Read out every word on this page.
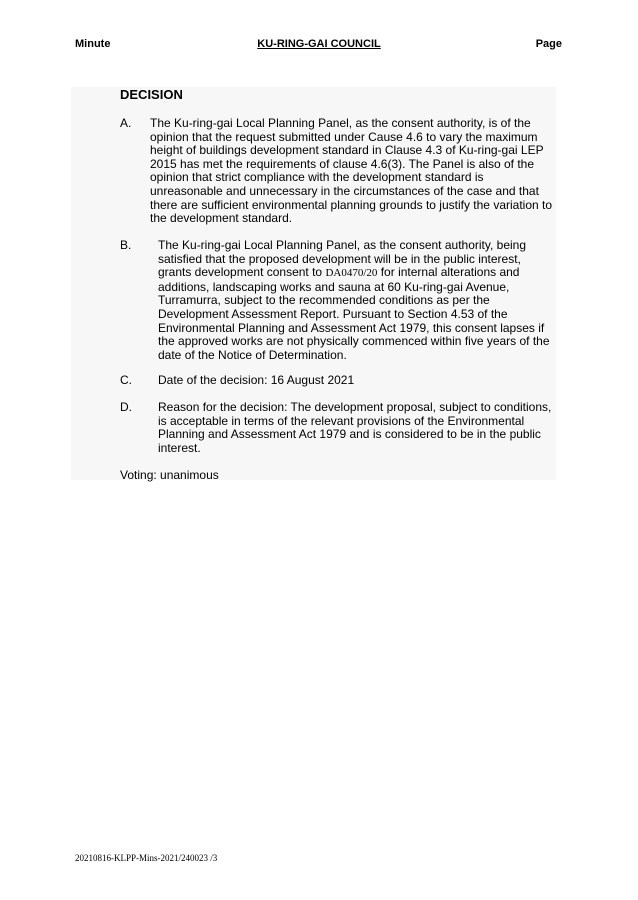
Minute	KU-RING-GAI COUNCIL	Page
DECISION
A. The Ku-ring-gai Local Planning Panel, as the consent authority, is of the
opinion that the request submitted under Cause 4.6 to vary the maximum
height of buildings development standard in Clause 4.3 of Ku-ring-gai LEP
2015 has met the requirements of clause 4.6(3). The Panel is also of the
opinion that strict compliance with the development standard is
unreasonable and unnecessary in the circumstances of the case and that
there are sufficient environmental planning grounds to justify the variation to
the development standard.
B. The Ku-ring-gai Local Planning Panel, as the consent authority, being
satisfied that the proposed development will be in the public interest,
grants development consent to DA0470/20 for internal alterations and
additions, landscaping works and sauna at 60 Ku-ring-gai Avenue,
Turramurra, subject to the recommended conditions as per the
Development Assessment Report. Pursuant to Section 4.53 of the
Environmental Planning and Assessment Act 1979, this consent lapses if
the approved works are not physically commenced within five years of the
date of the Notice of Determination.
C. Date of the decision: 16 August 2021
D. Reason for the decision: The development proposal, subject to conditions,
is acceptable in terms of the relevant provisions of the Environmental
Planning and Assessment Act 1979 and is considered to be in the public
interest.
Voting: unanimous
20210816-KLPP-Mins-2021/240023 /3
